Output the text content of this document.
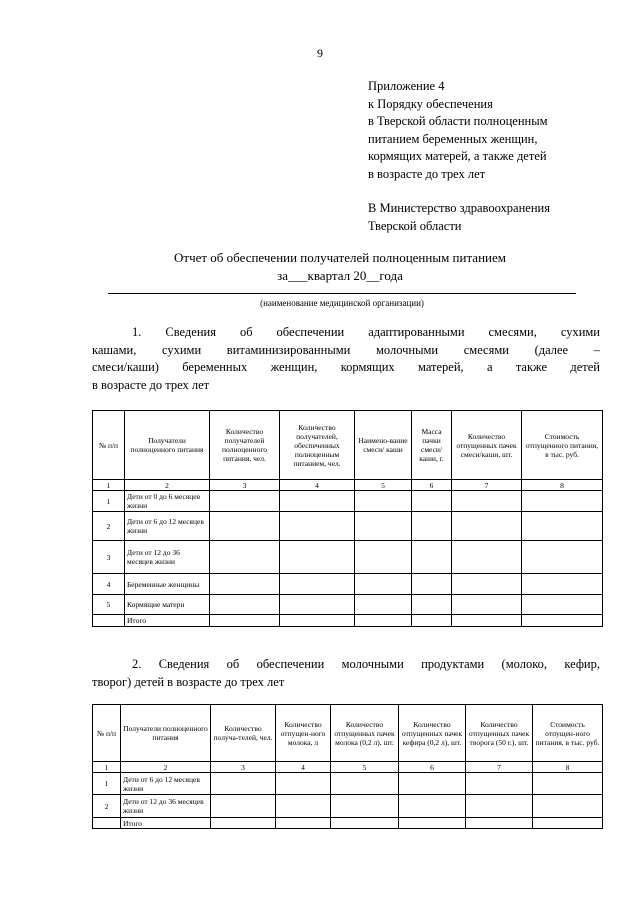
9
Приложение 4
к Порядку обеспечения
в Тверской области полноценным
питанием беременных женщин,
кормящих матерей, а также детей
в возрасте до трех лет
В Министерство здравоохранения
Тверской области
Отчет об обеспечении получателей полноценным питанием
за___квартал 20__года
(наименование медицинской организации)
1. Сведения об обеспечении адаптированными смесями, сухими
кашами, сухими витаминизированными молочными смесями (далее –
смеси/каши) беременных женщин, кормящих матерей, а также детей
в возрасте до трех лет
№ п/п	Получатели полноценного питания	Количество получателей полноценного питания, чел.	Количество получателей, обеспеченных полноценным питанием, чел.	Наимено-вание смеси/ каши	Масса пачки смеси/ каши, г.	Количество отпущенных пачек смеси/каши, шт.	Стоимость отпущенного питания, в тыс. руб.
1	2	3	4	5	6	7	8
1	Дети от 0 до 6 месяцев жизни						
2	Дети от 6 до 12 месяцев жизни						
3	Дети от 12 до 36 месяцев жизни						
4	Беременные женщины						
5	Кормящие матери						
	Итого						
2. Сведения об обеспечении молочными продуктами (молоко, кефир,
творог) детей в возрасте до трех лет
№ п/п	Получатели полноценного питания	Количество получа-телей, чел.	Количество отпущен-ного молока, л	Количество отпущенных пачек молока (0,2 л), шт.	Количество отпущенных пачек кефира (0,2 л), шт.	Количество отпущенных пачек творога (50 г.), шт.	Стоимость отпущен-ного питания, в тыс. руб.
1	2	3	4	5	6	7	8
1	Дети от 6 до 12 месяцев жизни						
2	Дети от 12 до 36 месяцев жизни						
	Итого						
